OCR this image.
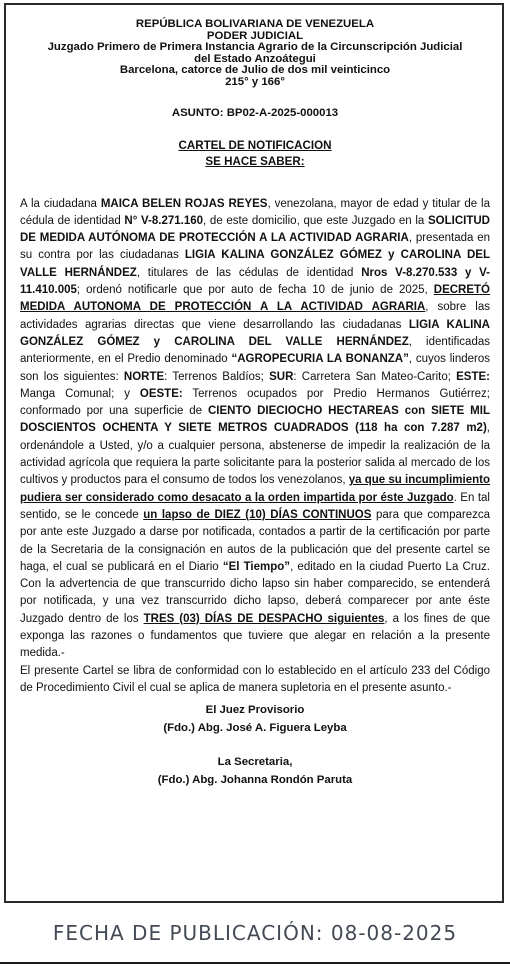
REPÚBLICA BOLIVARIANA DE VENEZUELA
PODER JUDICIAL
Juzgado Primero de Primera Instancia Agrario de la Circunscripción Judicial
del Estado Anzoátegui
Barcelona, catorce de Julio de dos mil veinticinco
215° y 166°
ASUNTO: BP02-A-2025-000013
CARTEL DE NOTIFICACION
SE HACE SABER:

A la ciudadana MAICA BELEN ROJAS REYES, venezolana, mayor de edad y titular de la cédula de identidad N° V-8.271.160, de este domicilio, que este Juzgado en la SOLICITUD DE MEDIDA AUTÓNOMA DE PROTECCIÓN A LA ACTIVIDAD AGRARIA, presentada en su contra por las ciudadanas LIGIA KALINA GONZÁLEZ GÓMEZ y CAROLINA DEL VALLE HERNÁNDEZ, titulares de las cédulas de identidad Nros V-8.270.533 y V-11.410.005; ordenó notificarle que por auto de fecha 10 de junio de 2025, DECRETÓ MEDIDA AUTONOMA DE PROTECCIÓN A LA ACTIVIDAD AGRARIA, sobre las actividades agrarias directas que viene desarrollando las ciudadanas LIGIA KALINA GONZÁLEZ GÓMEZ y CAROLINA DEL VALLE HERNÁNDEZ, identificadas anteriormente, en el Predio denominado “AGROPECURIA LA BONANZA”, cuyos linderos son los siguientes: NORTE: Terrenos Baldíos; SUR: Carretera San Mateo-Carito; ESTE: Manga Comunal; y OESTE: Terrenos ocupados por Predio Hermanos Gutiérrez; conformado por una superficie de CIENTO DIECIOCHO HECTAREAS con SIETE MIL DOSCIENTOS OCHENTA Y SIETE METROS CUADRADOS (118 ha con 7.287 m2), ordenándole a Usted, y/o a cualquier persona, abstenerse de impedir la realización de la actividad agrícola que requiera la parte solicitante para la posterior salida al mercado de los cultivos y productos para el consumo de todos los venezolanos, ya que su incumplimiento pudiera ser considerado como desacato a la orden impartida por éste Juzgado. En tal sentido, se le concede un lapso de DIEZ (10) DÍAS CONTINUOS para que comparezca por ante este Juzgado a darse por notificada, contados a partir de la certificación por parte de la Secretaria de la consignación en autos de la publicación que del presente cartel se haga, el cual se publicará en el Diario “El Tiempo”, editado en la ciudad Puerto La Cruz. Con la advertencia de que transcurrido dicho lapso sin haber comparecido, se entenderá por notificada, y una vez transcurrido dicho lapso, deberá comparecer por ante éste Juzgado dentro de los TRES (03) DÍAS DE DESPACHO siguientes, a los fines de que exponga las razones o fundamentos que tuviere que alegar en relación a la presente medida.-

El presente Cartel se libra de conformidad con lo establecido en el artículo 233 del Código de Procedimiento Civil el cual se aplica de manera supletoria en el presente asunto.-

El Juez Provisorio
(Fdo.) Abg. José A. Figuera Leyba
La Secretaria,
(Fdo.) Abg. Johanna Rondón Paruta
FECHA DE PUBLICACIÓN: 08-08-2025
